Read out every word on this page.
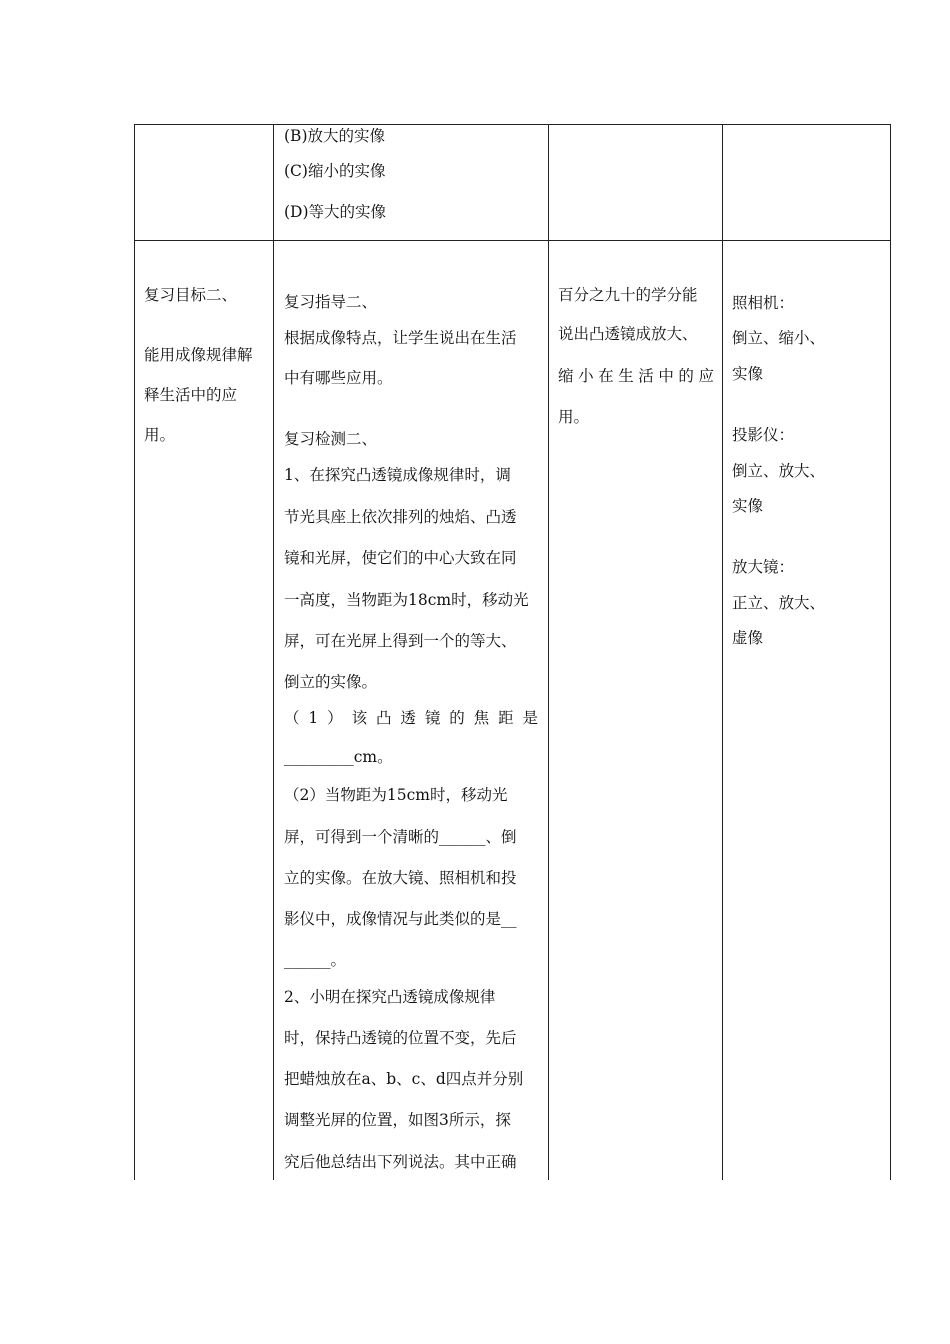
(B)放大的实像
(C)缩小的实像
(D)等大的实像
复习目标二、
能用成像规律解
释生活中的应
用。
复习指导二、
根据成像特点，让学生说出在生活
中有哪些应用。
复习检测二、
1、在探究凸透镜成像规律时，调
节光具座上依次排列的烛焰、凸透
镜和光屏，使它们的中心大致在同
一高度，当物距为18cm时，移动光
屏，可在光屏上得到一个的等大、
倒立的实像。
（1）该凸透镜的焦距是
_________cm。
（2）当物距为15cm时，移动光
屏，可得到一个清晰的______、倒
立的实像。在放大镜、照相机和投
影仪中，成像情况与此类似的是__
______。
2、小明在探究凸透镜成像规律
时，保持凸透镜的位置不变，先后
把蜡烛放在a、b、c、d四点并分别
调整光屏的位置，如图3所示，探
究后他总结出下列说法。其中正确
百分之九十的学分能
说出凸透镜成放大、
缩小在生活中的应
用。
照相机：
倒立、缩小、
实像
投影仪：
倒立、放大、
实像
放大镜：
正立、放大、
虚像
